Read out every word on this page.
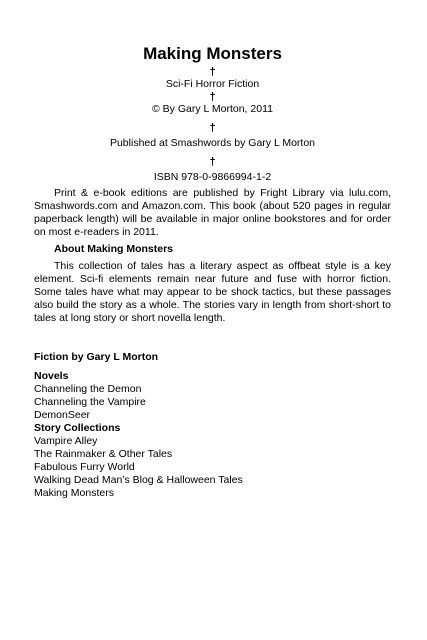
Making Monsters
†
Sci-Fi Horror Fiction
†
© By Gary L Morton, 2011
†
Published at Smashwords by Gary L Morton
†
ISBN 978-0-9866994-1-2

Print & e-book editions are published by Fright Library via lulu.com, Smashwords.com and Amazon.com. This book (about 520 pages in regular paperback length) will be available in major online bookstores and for order on most e-readers in 2011.

About Making Monsters

This collection of tales has a literary aspect as offbeat style is a key element. Sci-fi elements remain near future and fuse with horror fiction. Some tales have what may appear to be shock tactics, but these passages also build the story as a whole. The stories vary in length from short-short to tales at long story or short novella length.

Fiction by Gary L Morton
Novels
Channeling the Demon
Channeling the Vampire
DemonSeer
Story Collections
Vampire Alley
The Rainmaker & Other Tales
Fabulous Furry World
Walking Dead Man’s Blog & Halloween Tales
Making Monsters
